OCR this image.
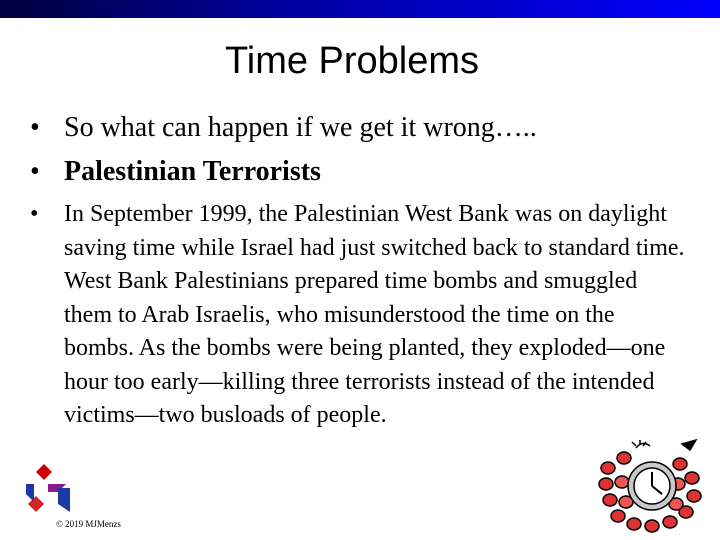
Time Problems
• So what can happen if we get it wrong…..
• Palestinian Terrorists
• In September 1999, the Palestinian West Bank was on daylight saving time while Israel had just switched back to standard time. West Bank Palestinians prepared time bombs and smuggled them to Arab Israelis, who misunderstood the time on the bombs. As the bombs were being planted, they exploded—one hour too early—killing three terrorists instead of the intended victims—two busloads of people.
© 2019 MJMenzs
